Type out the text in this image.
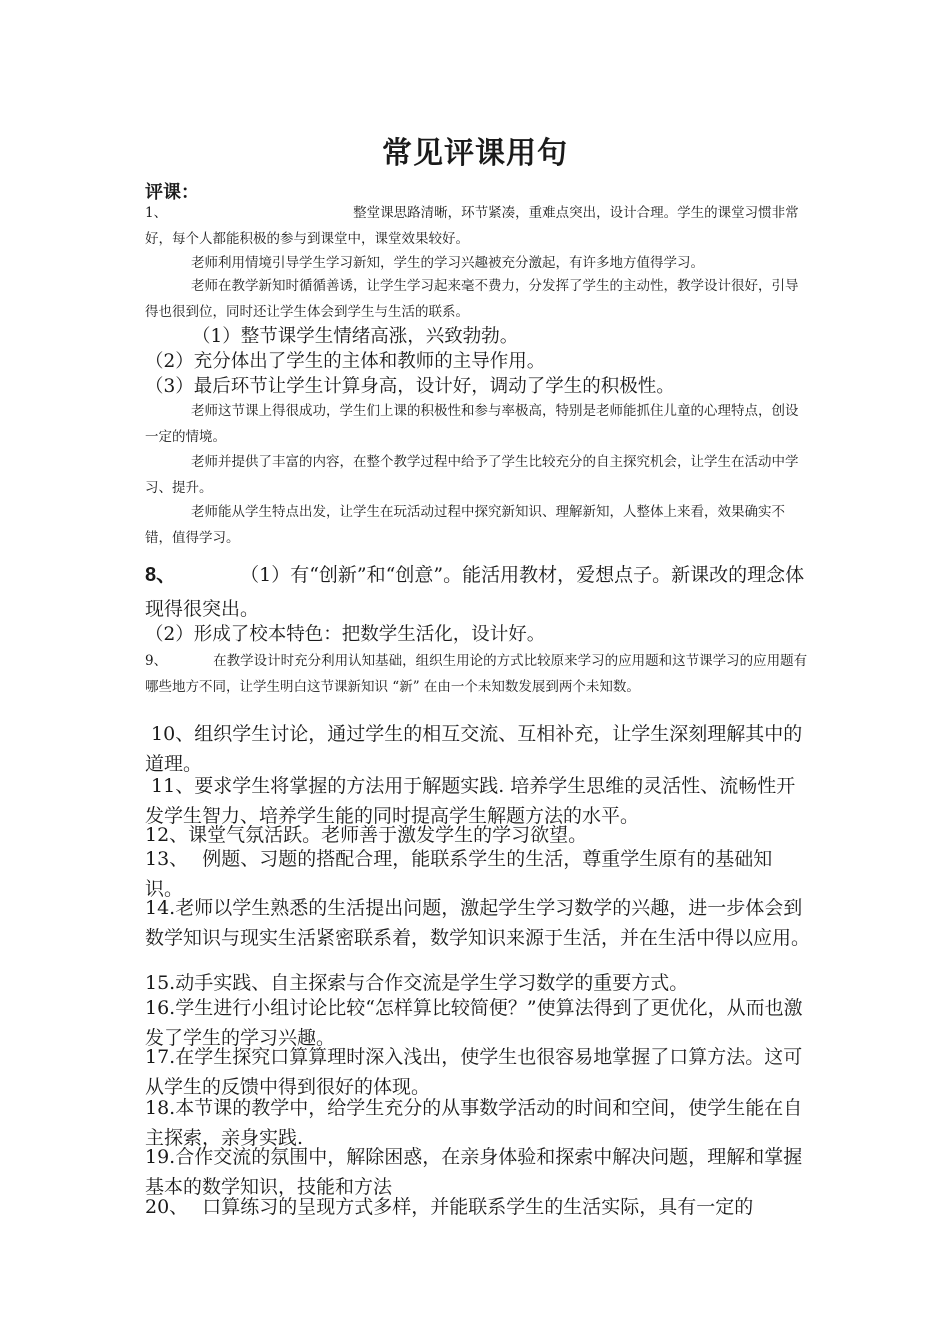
常见评课用句
评课：

1、	整堂课思路清晰，环节紧凑，重难点突出，设计合理。学生的课堂习惯非常好，每个人都能积极的参与到课堂中，课堂效果较好。

老师利用情境引导学生学习新知，学生的学习兴趣被充分激起，有许多地方值得学习。

老师在教学新知时循循善诱，让学生学习起来毫不费力，分发挥了学生的主动性，教学设计很好，引导得也很到位，同时还让学生体会到学生与生活的联系。

（1）整节课学生情绪高涨，兴致勃勃。

（2）充分体出了学生的主体和教师的主导作用。

（3）最后环节让学生计算身高，设计好，调动了学生的积极性。

老师这节课上得很成功，学生们上课的积极性和参与率极高，特别是老师能抓住儿童的心理特点，创设一定的情境。

老师并提供了丰富的内容，在整个教学过程中给予了学生比较充分的自主探究机会，让学生在活动中学习、提升。

老师能从学生特点出发，让学生在玩活动过程中探究新知识、理解新知，人整体上来看，效果确实不错，值得学习。

8、	（1）有“创新”和“创意”。能活用教材，爱想点子。新课改的理念体现得很突出。

（2）形成了校本特色：把数学生活化，设计好。

9、	在教学设计时充分利用认知基础，组织生用论的方式比较原来学习的应用题和这节课学习的应用题有哪些地方不同，让学生明白这节课新知识 “新” 在由一个未知数发展到两个未知数。

10、组织学生讨论，通过学生的相互交流、互相补充，让学生深刻理解其中的道理。

11、要求学生将掌握的方法用于解题实践. 培养学生思维的灵活性、流畅性开发学生智力、培养学生能的同时提高学生解题方法的水平。

12、课堂气氛活跃。老师善于激发学生的学习欲望。

13、 例题、习题的搭配合理，能联系学生的生活，尊重学生原有的基础知识。

14.老师以学生熟悉的生活提出问题，激起学生学习数学的兴趣，进一步体会到数学知识与现实生活紧密联系着，数学知识来源于生活，并在生活中得以应用。

15.动手实践、自主探索与合作交流是学生学习数学的重要方式。

16.学生进行小组讨论比较“怎样算比较简便？”使算法得到了更优化，从而也激发了学生的学习兴趣。

17.在学生探究口算算理时深入浅出，使学生也很容易地掌握了口算方法。这可从学生的反馈中得到很好的体现。

18.本节课的教学中，给学生充分的从事数学活动的时间和空间，使学生能在自主探索，亲身实践.

19.合作交流的氛围中，解除困惑，在亲身体验和探索中解决问题，理解和掌握基本的数学知识，技能和方法

20、 口算练习的呈现方式多样，并能联系学生的生活实际，具有一定的
